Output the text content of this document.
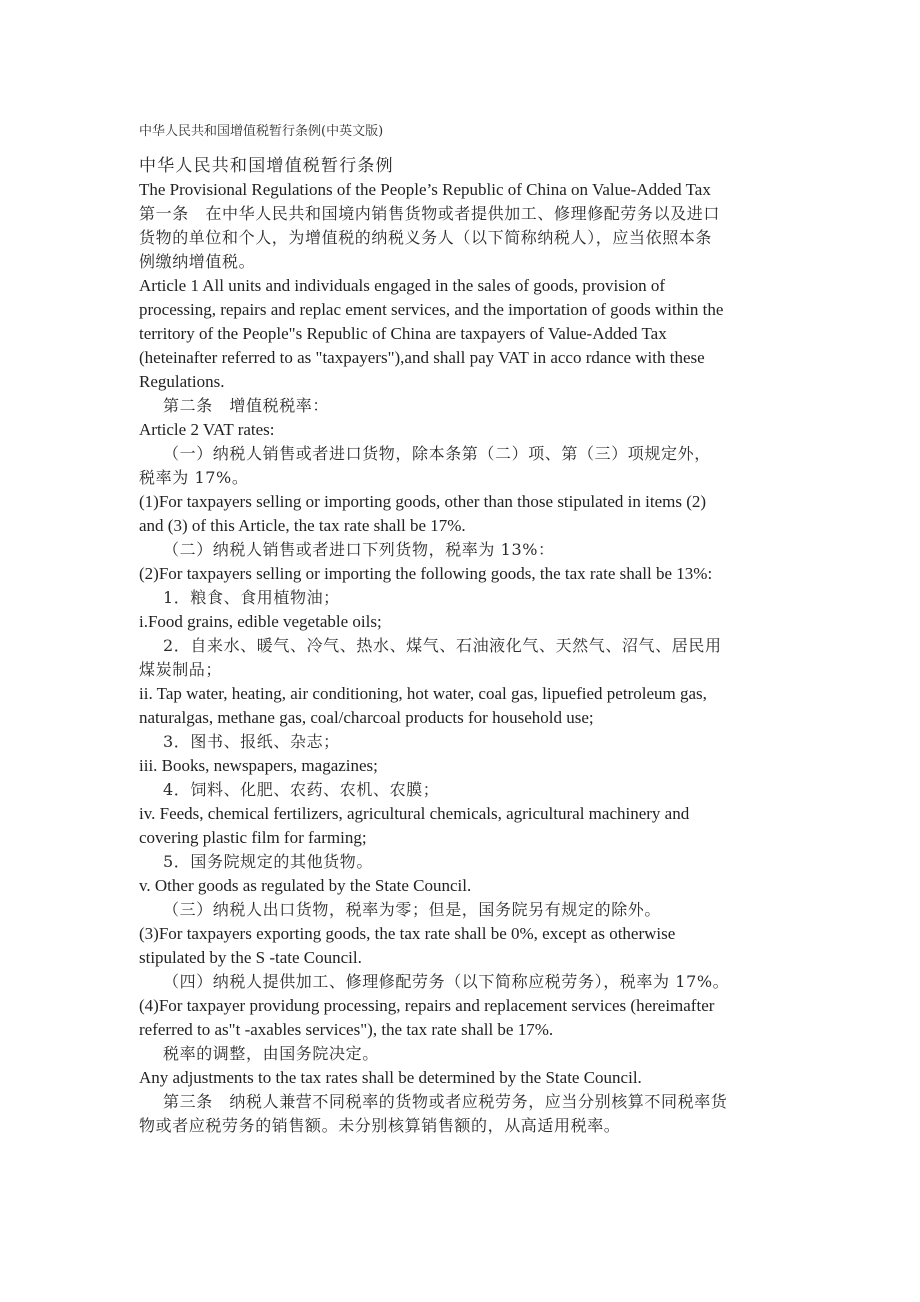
中华人民共和国增值税暂行条例(中英文版)
中华人民共和国增值税暂行条例
The Provisional Regulations of the People’s Republic of China on Value-Added Tax
第一条　在中华人民共和国境内销售货物或者提供加工、修理修配劳务以及进口
货物的单位和个人，为增值税的纳税义务人（以下简称纳税人），应当依照本条
例缴纳增值税。
Article 1 All units and individuals engaged in the sales of goods, provision of
processing, repairs and replac ement services, and the importation of goods within the
territory of the People"s Republic of China are taxpayers of Value-Added Tax
(heteinafter referred to as "taxpayers"),and shall pay VAT in acco rdance with these
Regulations.
第二条　增值税税率：
Article 2 VAT rates:
（一）纳税人销售或者进口货物，除本条第（二）项、第（三）项规定外，
税率为 17%。
(1)For taxpayers selling or importing goods, other than those stipulated in items (2)
and (3) of this Article, the tax rate shall be 17%.
（二）纳税人销售或者进口下列货物，税率为 13%：
(2)For taxpayers selling or importing the following goods, the tax rate shall be 13%:
1．粮食、食用植物油；
i.Food grains, edible vegetable oils;
2．自来水、暖气、冷气、热水、煤气、石油液化气、天然气、沼气、居民用
煤炭制品；
ii. Tap water, heating, air conditioning, hot water, coal gas, lipuefied petroleum gas,
naturalgas, methane gas, coal/charcoal products for household use;
3．图书、报纸、杂志；
iii. Books, newspapers, magazines;
4．饲料、化肥、农药、农机、农膜；
iv. Feeds, chemical fertilizers, agricultural chemicals, agricultural machinery and
covering plastic film for farming;
5．国务院规定的其他货物。
v. Other goods as regulated by the State Council.
（三）纳税人出口货物，税率为零；但是，国务院另有规定的除外。
(3)For taxpayers exporting goods, the tax rate shall be 0%, except as otherwise
stipulated by the S -tate Council.
（四）纳税人提供加工、修理修配劳务（以下简称应税劳务），税率为 17%。
(4)For taxpayer providung processing, repairs and replacement services (hereimafter
referred to as"t -axables services"), the tax rate shall be 17%.
税率的调整，由国务院决定。
Any adjustments to the tax rates shall be determined by the State Council.
第三条　纳税人兼营不同税率的货物或者应税劳务，应当分别核算不同税率货
物或者应税劳务的销售额。未分别核算销售额的，从高适用税率。
